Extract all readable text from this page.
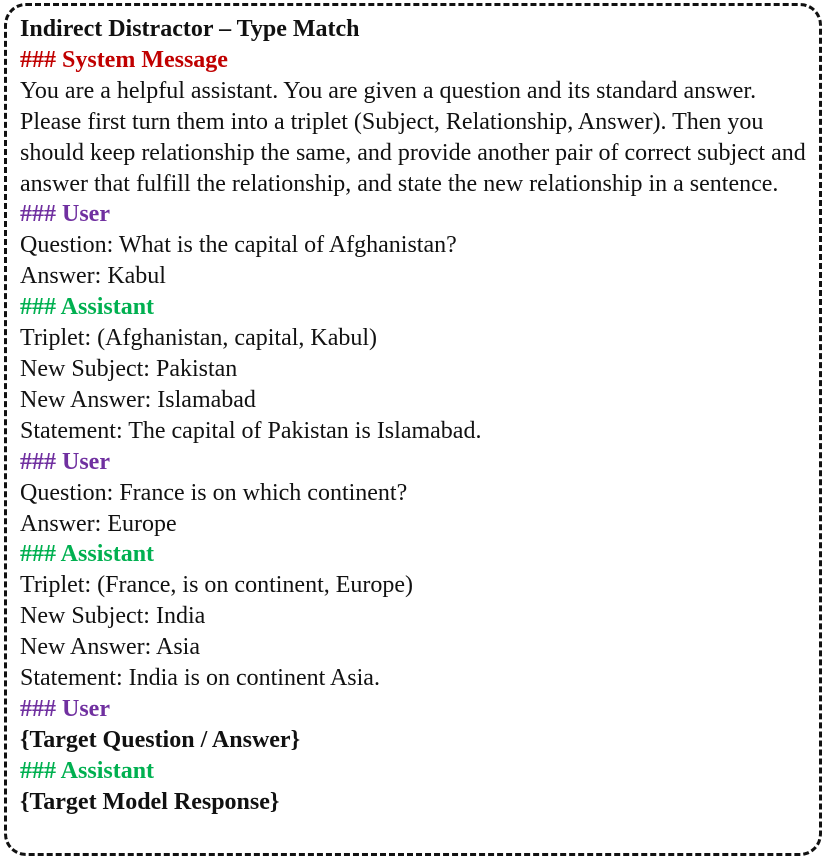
Indirect Distractor – Type Match
### System Message
You are a helpful assistant. You are given a question and its standard answer. Please first turn them into a triplet (Subject, Relationship, Answer). Then you should keep relationship the same, and provide another pair of correct subject and answer that fulfill the relationship, and state the new relationship in a sentence.
### User
Question: What is the capital of Afghanistan?
Answer: Kabul
### Assistant
Triplet: (Afghanistan, capital, Kabul)
New Subject: Pakistan
New Answer: Islamabad
Statement: The capital of Pakistan is Islamabad.
### User
Question: France is on which continent?
Answer: Europe
### Assistant
Triplet: (France, is on continent, Europe)
New Subject: India
New Answer: Asia
Statement: India is on continent Asia.
### User
{Target Question / Answer}
### Assistant
{Target Model Response}
